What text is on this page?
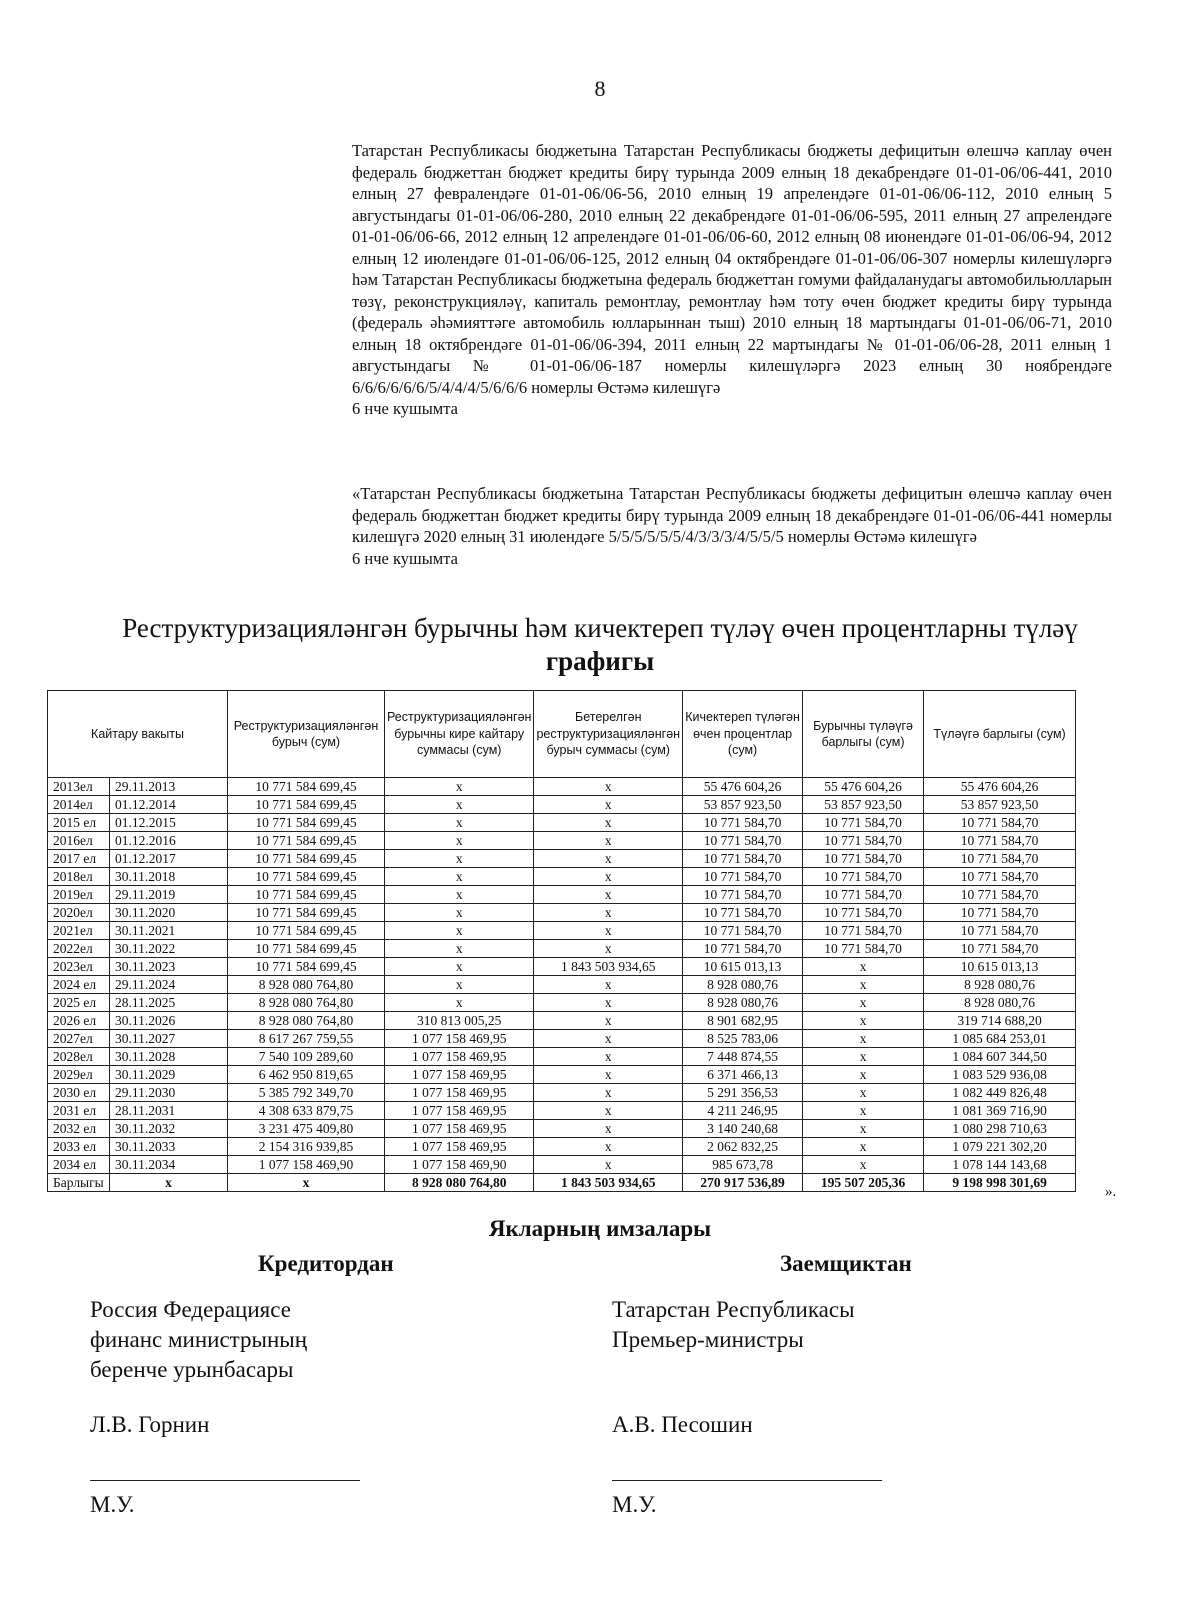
8

Татарстан Республикасы бюджетына Татарстан Республикасы бюджеты дефицитын өлешчә каплау өчен федераль бюджеттан бюджет кредиты бирү турында 2009 елның 18 декабрендәге 01-01-06/06-441, 2010 елның 27 февралендәге 01-01-06/06-56, 2010 елның 19 апрелендәге 01-01-06/06-112, 2010 елның 5 августындагы 01-01-06/06-280, 2010 елның 22 декабрендәге 01-01-06/06-595, 2011 елның 27 апрелендәге 01-01-06/06-66, 2012 елның 12 апрелендәге 01-01-06/06-60, 2012 елның 08 июнендәге 01-01-06/06-94, 2012 елның 12 июлендәге 01-01-06/06-125, 2012 елның 04 октябрендәге 01-01-06/06-307 номерлы килешүләргә һәм Татарстан Республикасы бюджетына федераль бюджеттан гомуми файдаланудагы автомобильюлларын төзү, реконструкцияләү, капиталь ремонтлау, ремонтлау һәм тоту өчен бюджет кредиты бирү турында (федераль әһәмияттәге автомобиль юлларыннан тыш) 2010 елның 18 мартындагы 01-01-06/06-71, 2010 елның 18 октябрендәге 01-01-06/06-394, 2011 елның 22 мартындагы № 01-01-06/06-28, 2011 елның 1 августындагы № 01-01-06/06-187 номерлы килешүләргә 2023 елның 30 ноябрендәге 6/6/6/6/6/6/5/4/4/4/5/6/6/6 номерлы Өстәмә килешүгә

6 нче кушымта

«Татарстан Республикасы бюджетына Татарстан Республикасы бюджеты дефицитын өлешчә каплау өчен федераль бюджеттан бюджет кредиты бирү турында 2009 елның 18 декабрендәге 01-01-06/06-441 номерлы килешүгә 2020 елның 31 июлендәге 5/5/5/5/5/5/4/3/3/3/4/5/5/5 номерлы Өстәмә килешүгә

6 нче кушымта

Реструктуризацияләнгән бурычны һәм кичектереп түләү өчен процентларны түләү
графигы
Кайтару вакыты		Реструктуризацияләнгән бурыч (сум)	Реструктуризацияләнгән бурычны кире кайтару суммасы (сум)	Бетерелгән реструктуризацияләнгән бурыч суммасы (сум)	Кичектереп түләгән өчен процентлар (сум)	Бурычны түләүгә барлыгы (сум)	Түләүгә барлыгы (сум)
2013ел	29.11.2013	10 771 584 699,45	x	x	55 476 604,26	55 476 604,26	55 476 604,26
2014ел	01.12.2014	10 771 584 699,45	x	x	53 857 923,50	53 857 923,50	53 857 923,50
2015 ел	01.12.2015	10 771 584 699,45	x	x	10 771 584,70	10 771 584,70	10 771 584,70
2016ел	01.12.2016	10 771 584 699,45	x	x	10 771 584,70	10 771 584,70	10 771 584,70
2017 ел	01.12.2017	10 771 584 699,45	x	x	10 771 584,70	10 771 584,70	10 771 584,70
2018ел	30.11.2018	10 771 584 699,45	x	x	10 771 584,70	10 771 584,70	10 771 584,70
2019ел	29.11.2019	10 771 584 699,45	x	x	10 771 584,70	10 771 584,70	10 771 584,70
2020ел	30.11.2020	10 771 584 699,45	x	x	10 771 584,70	10 771 584,70	10 771 584,70
2021ел	30.11.2021	10 771 584 699,45	x	x	10 771 584,70	10 771 584,70	10 771 584,70
2022ел	30.11.2022	10 771 584 699,45	x	x	10 771 584,70	10 771 584,70	10 771 584,70
2023ел	30.11.2023	10 771 584 699,45	x	1 843 503 934,65	10 615 013,13	x	10 615 013,13
2024 ел	29.11.2024	8 928 080 764,80	x	x	8 928 080,76	x	8 928 080,76
2025 ел	28.11.2025	8 928 080 764,80	x	x	8 928 080,76	x	8 928 080,76
2026 ел	30.11.2026	8 928 080 764,80	310 813 005,25	x	8 901 682,95	x	319 714 688,20
2027ел	30.11.2027	8 617 267 759,55	1 077 158 469,95	x	8 525 783,06	x	1 085 684 253,01
2028ел	30.11.2028	7 540 109 289,60	1 077 158 469,95	x	7 448 874,55	x	1 084 607 344,50
2029ел	30.11.2029	6 462 950 819,65	1 077 158 469,95	x	6 371 466,13	x	1 083 529 936,08
2030 ел	29.11.2030	5 385 792 349,70	1 077 158 469,95	x	5 291 356,53	x	1 082 449 826,48
2031 ел	28.11.2031	4 308 633 879,75	1 077 158 469,95	x	4 211 246,95	x	1 081 369 716,90
2032 ел	30.11.2032	3 231 475 409,80	1 077 158 469,95	x	3 140 240,68	x	1 080 298 710,63
2033 ел	30.11.2033	2 154 316 939,85	1 077 158 469,95	x	2 062 832,25	x	1 079 221 302,20
2034 ел	30.11.2034	1 077 158 469,90	1 077 158 469,90	x	985 673,78	x	1 078 144 143,68
Барлыгы	x	x	8 928 080 764,80	1 843 503 934,65	270 917 536,89	195 507 205,36	9 198 998 301,69
».
Якларның имзалары
Кредитордан	Заемщиктан
Россия Федерациясе
финанс министрының
беренче урынбасары
Татарстан Республикасы
Премьер-министры
Л.В. Горнин	А.В. Песошин
М.У.	М.У.
